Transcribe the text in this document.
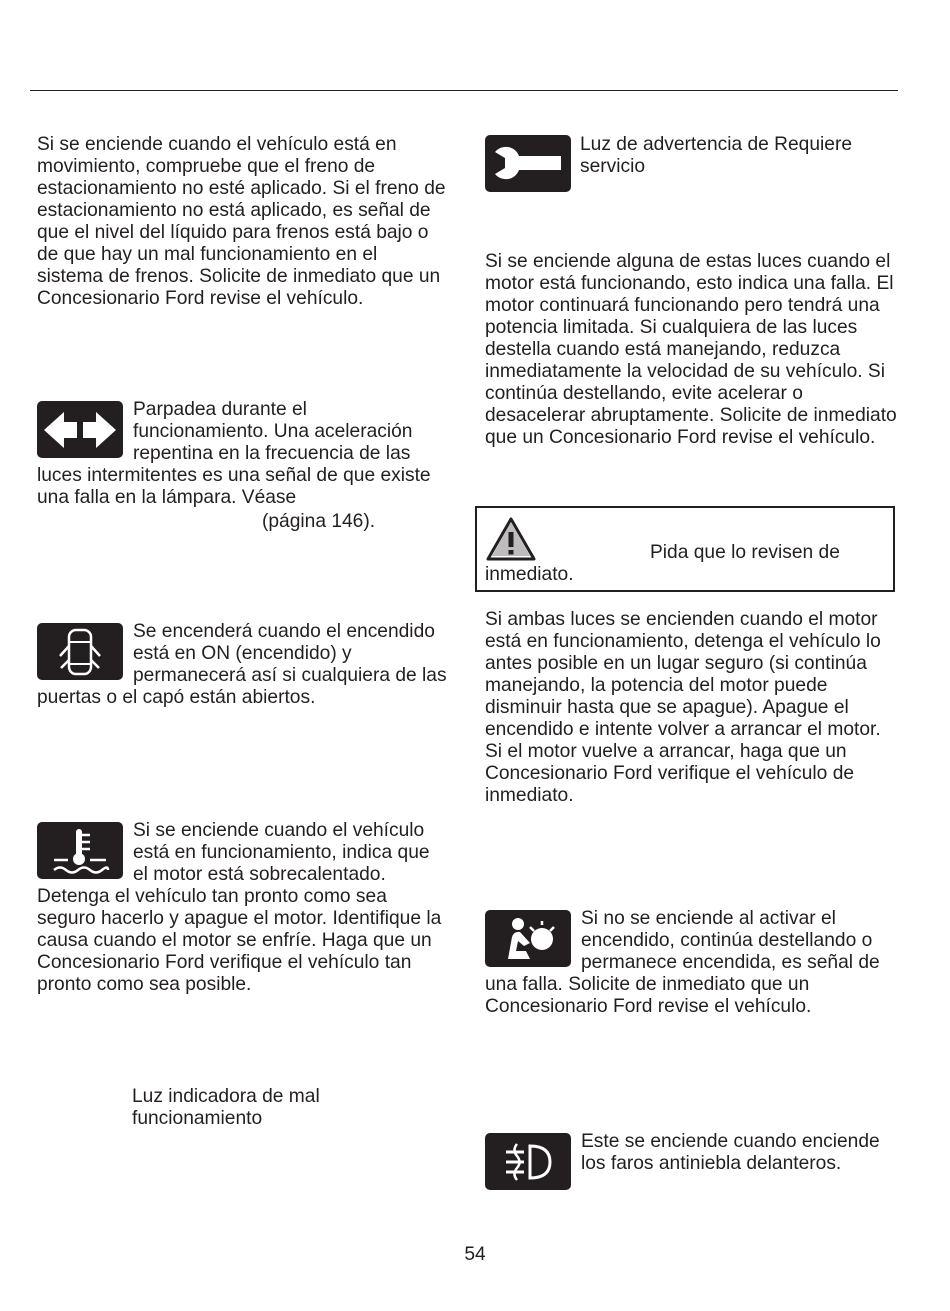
Si se enciende cuando el vehículo está en movimiento, compruebe que el freno de estacionamiento no esté aplicado. Si el freno de estacionamiento no está aplicado, es señal de que el nivel del líquido para frenos está bajo o de que hay un mal funcionamiento en el sistema de frenos. Solicite de inmediato que un Concesionario Ford revise el vehículo.

Parpadea durante el funcionamiento. Una aceleración repentina en la frecuencia de las luces intermitentes es una señal de que existe una falla en la lámpara. Véase

(página 146).

Se encenderá cuando el encendido está en ON (encendido) y permanecerá así si cualquiera de las puertas o el capó están abiertos.

Si se enciende cuando el vehículo está en funcionamiento, indica que el motor está sobrecalentado. Detenga el vehículo tan pronto como sea seguro hacerlo y apague el motor. Identifique la causa cuando el motor se enfríe. Haga que un Concesionario Ford verifique el vehículo tan pronto como sea posible.

Luz indicadora de mal funcionamiento

Luz de advertencia de Requiere servicio

Si se enciende alguna de estas luces cuando el motor está funcionando, esto indica una falla. El motor continuará funcionando pero tendrá una potencia limitada. Si cualquiera de las luces destella cuando está manejando, reduzca inmediatamente la velocidad de su vehículo. Si continúa destellando, evite acelerar o desacelerar abruptamente. Solicite de inmediato que un Concesionario Ford revise el vehículo.

Pida que lo revisen de

inmediato.

Si ambas luces se encienden cuando el motor está en funcionamiento, detenga el vehículo lo antes posible en un lugar seguro (si continúa manejando, la potencia del motor puede disminuir hasta que se apague). Apague el encendido e intente volver a arrancar el motor. Si el motor vuelve a arrancar, haga que un Concesionario Ford verifique el vehículo de inmediato.

Si no se enciende al activar el encendido, continúa destellando o permanece encendida, es señal de una falla. Solicite de inmediato que un Concesionario Ford revise el vehículo.

Este se enciende cuando enciende los faros antiniebla delanteros.

54
